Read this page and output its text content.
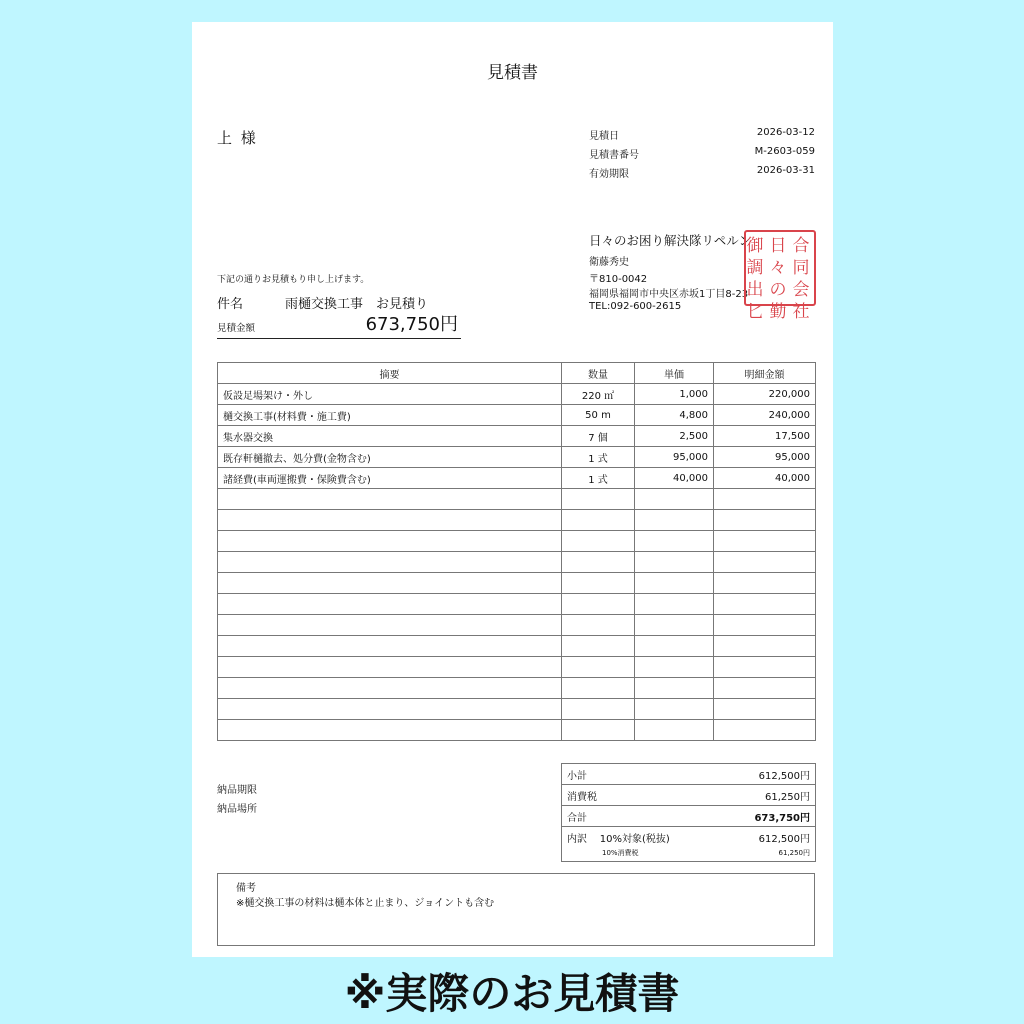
見積書
上 様	見積日	2026-03-12
見積書番号	M-2603-059
有効期限	2026-03-31
日々のお困り解決隊リペルン
衛藤秀史
〒810-0042
福岡県福岡市中央区赤坂1丁目8-23
TEL:092-600-2615
合
同
会
社
日
々
の
勤
御
調
出
匕
下記の通りお見積もり申し上げます。
件名	雨樋交換工事　お見積り
見積金額	673,750円
摘要	数量	単価	明細金額
仮設足場架け・外し	220 ㎡	1,000	220,000
樋交換工事(材料費・施工費)	50 m	4,800	240,000
集水器交換	7 個	2,500	17,500
既存軒樋撤去、処分費(金物含む)	1 式	95,000	95,000
諸経費(車両運搬費・保険費含む)	1 式	40,000	40,000

納品期限
納品場所
小計	612,500円
消費税	61,250円
合計	673,750円
内訳 10%対象(税抜)	612,500円
10%消費税	61,250円
備考
※樋交換工事の材料は樋本体と止まり、ジョイントも含む
※実際のお見積書
